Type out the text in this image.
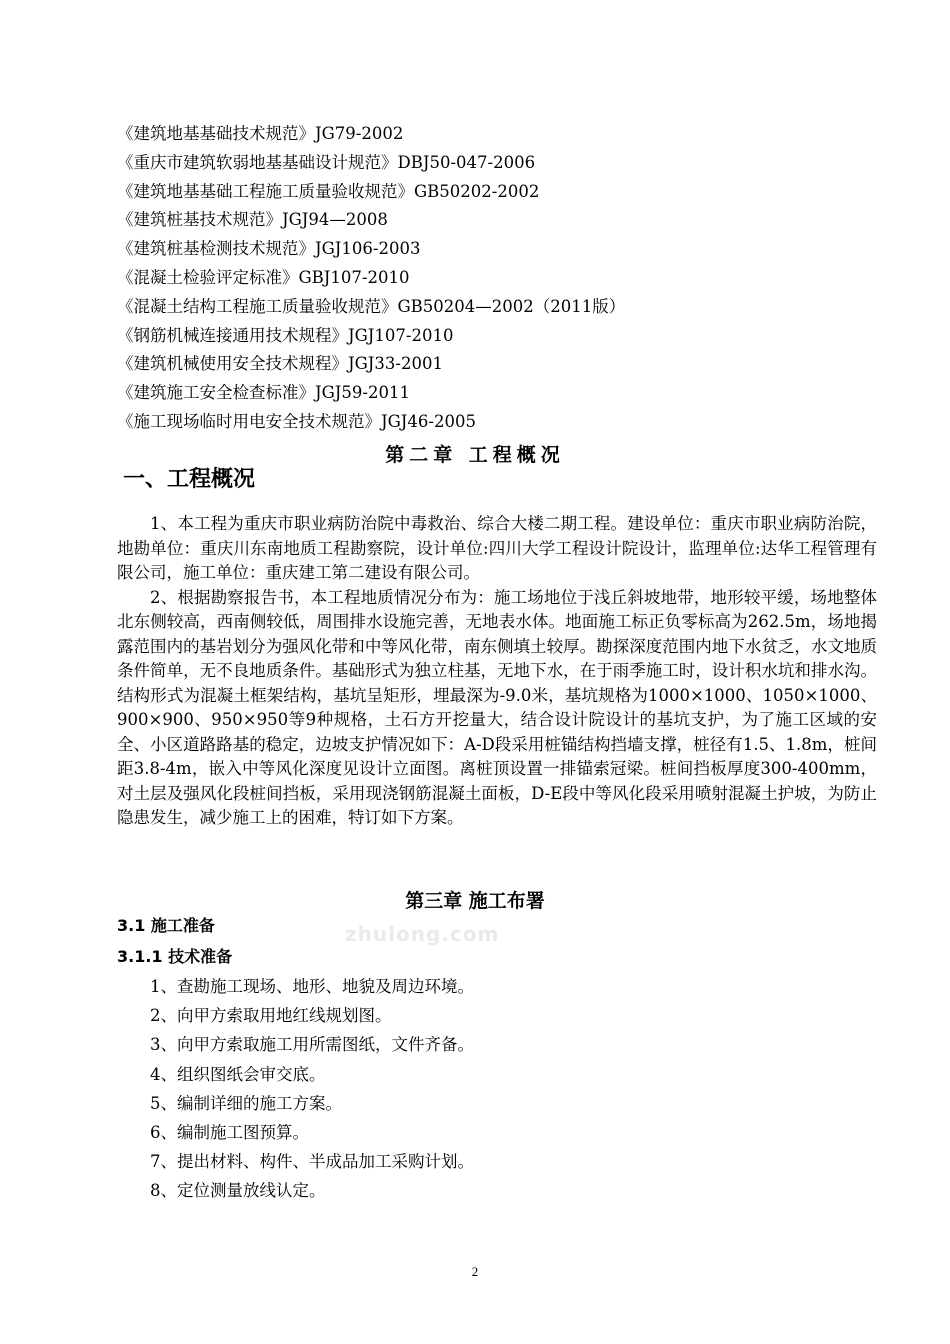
《建筑地基基础技术规范》JG79-2002
《重庆市建筑软弱地基基础设计规范》DBJ50-047-2006
《建筑地基基础工程施工质量验收规范》GB50202-2002
《建筑桩基技术规范》JGJ94—2008
《建筑桩基检测技术规范》JGJ106-2003
《混凝土检验评定标准》GBJ107-2010
《混凝土结构工程施工质量验收规范》GB50204—2002（2011版）
《钢筋机械连接通用技术规程》JGJ107-2010
《建筑机械使用安全技术规程》JGJ33-2001
《建筑施工安全检查标准》JGJ59-2011
《施工现场临时用电安全技术规范》JGJ46-2005
第二章 工程概况
一、工程概况

1、本工程为重庆市职业病防治院中毒救治、综合大楼二期工程。建设单位：重庆市职业病防治院，地勘单位：重庆川东南地质工程勘察院，设计单位:四川大学工程设计院设计，监理单位:达华工程管理有限公司，施工单位：重庆建工第二建设有限公司。

2、根据勘察报告书，本工程地质情况分布为：施工场地位于浅丘斜坡地带，地形较平缓，场地整体北东侧较高，西南侧较低，周围排水设施完善，无地表水体。地面施工标正负零标高为262.5m，场地揭露范围内的基岩划分为强风化带和中等风化带，南东侧填土较厚。勘探深度范围内地下水贫乏，水文地质条件简单，无不良地质条件。基础形式为独立柱基，无地下水，在于雨季施工时，设计积水坑和排水沟。结构形式为混凝土框架结构，基坑呈矩形，埋最深为-9.0米，基坑规格为1000×1000、1050×1000、900×900、950×950等9种规格，土石方开挖量大，结合设计院设计的基坑支护，为了施工区域的安全、小区道路路基的稳定，边坡支护情况如下：A-D段采用桩锚结构挡墙支撑，桩径有1.5、1.8m，桩间距3.8-4m，嵌入中等风化深度见设计立面图。离桩顶设置一排锚索冠梁。桩间挡板厚度300-400mm，对土层及强风化段桩间挡板，采用现浇钢筋混凝土面板，D-E段中等风化段采用喷射混凝土护坡，为防止隐患发生，减少施工上的困难，特订如下方案。

第三章 施工布署
zhulong.com
3.1 施工准备
3.1.1 技术准备
1、查勘施工现场、地形、地貌及周边环境。
2、向甲方索取用地红线规划图。
3、向甲方索取施工用所需图纸，文件齐备。
4、组织图纸会审交底。
5、编制详细的施工方案。
6、编制施工图预算。
7、提出材料、构件、半成品加工采购计划。
8、定位测量放线认定。
2
